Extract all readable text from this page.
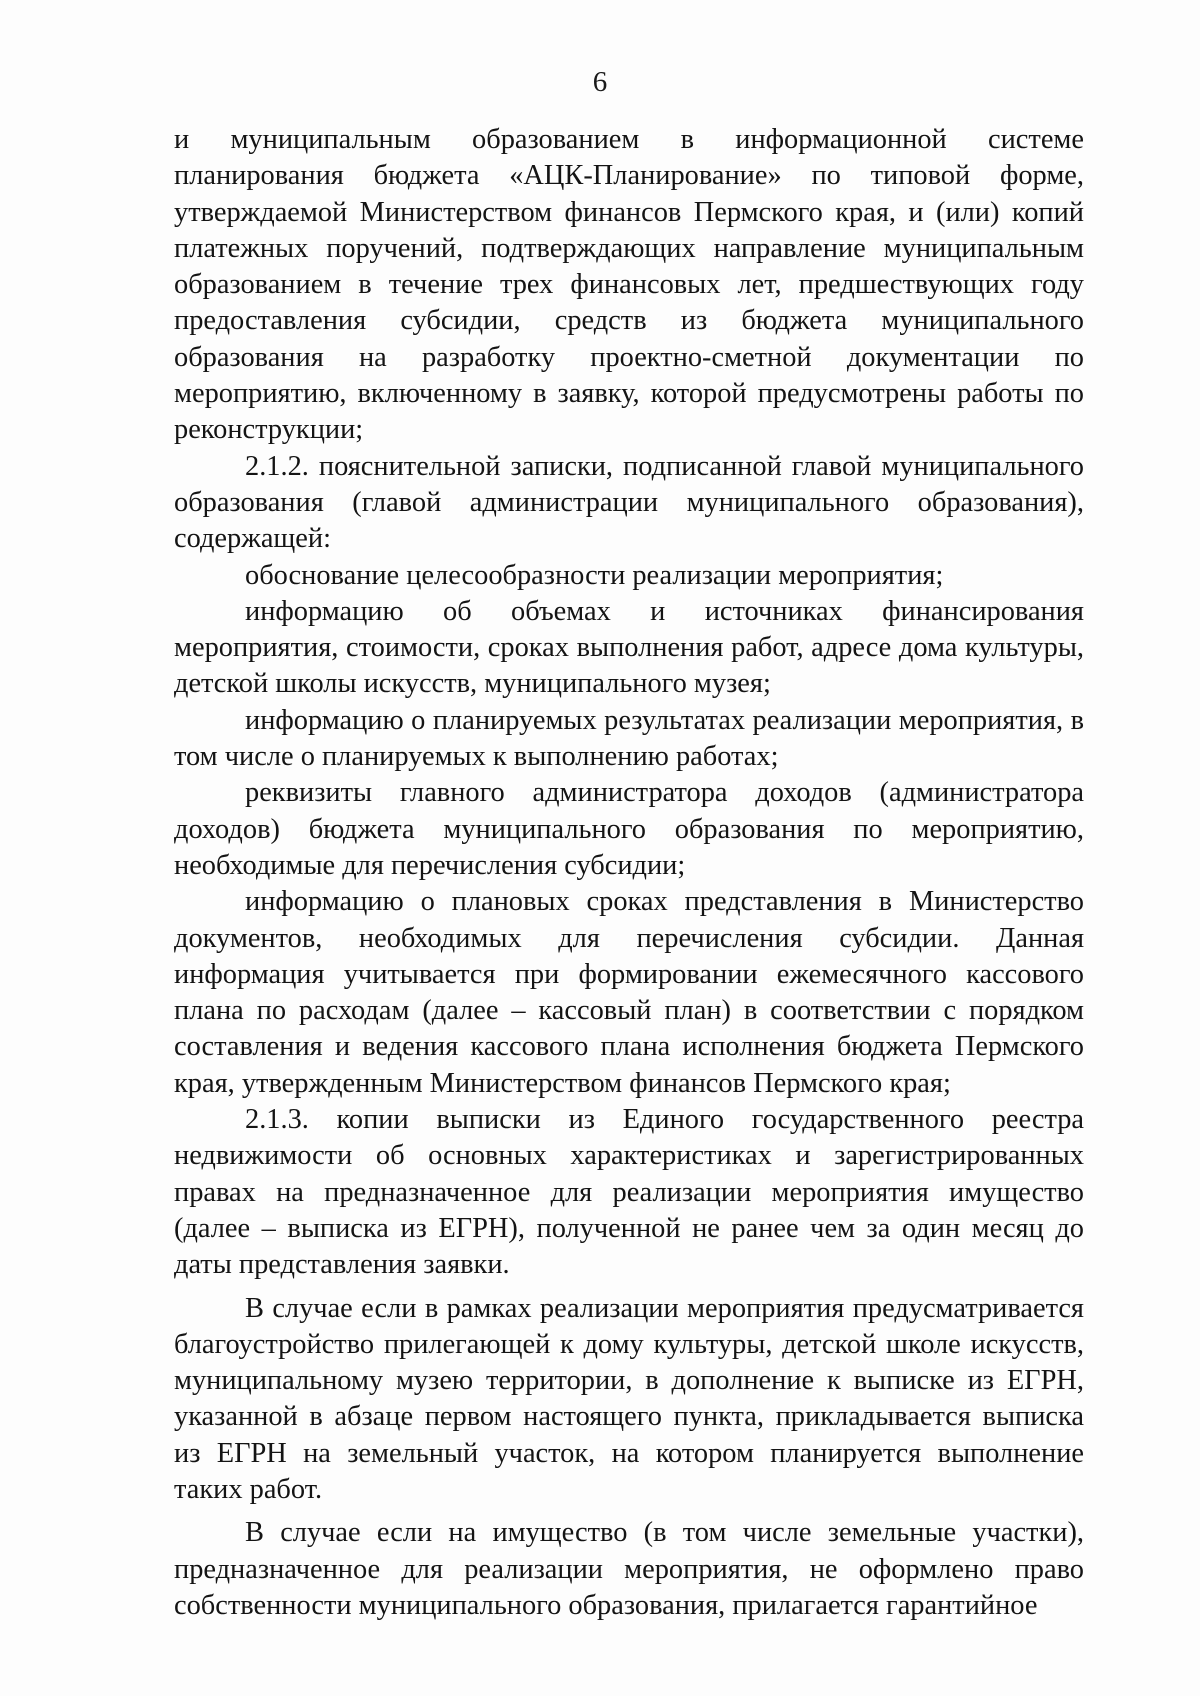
6

и муниципальным образованием в информационной системе планирования бюджета «АЦК-Планирование» по типовой форме, утверждаемой Министерством финансов Пермского края, и (или) копий платежных поручений, подтверждающих направление муниципальным образованием в течение трех финансовых лет, предшествующих году предоставления субсидии, средств из бюджета муниципального образования на разработку проектно-сметной документации по мероприятию, включенному в заявку, которой предусмотрены работы по реконструкции;

2.1.2. пояснительной записки, подписанной главой муниципального образования (главой администрации муниципального образования), содержащей:

обоснование целесообразности реализации мероприятия;

информацию об объемах и источниках финансирования мероприятия, стоимости, сроках выполнения работ, адресе дома культуры, детской школы искусств, муниципального музея;

информацию о планируемых результатах реализации мероприятия, в том числе о планируемых к выполнению работах;

реквизиты главного администратора доходов (администратора доходов) бюджета муниципального образования по мероприятию, необходимые для перечисления субсидии;

информацию о плановых сроках представления в Министерство документов, необходимых для перечисления субсидии. Данная информация учитывается при формировании ежемесячного кассового плана по расходам (далее – кассовый план) в соответствии с порядком составления и ведения кассового плана исполнения бюджета Пермского края, утвержденным Министерством финансов Пермского края;

2.1.3. копии выписки из Единого государственного реестра недвижимости об основных характеристиках и зарегистрированных правах на предназначенное для реализации мероприятия имущество (далее – выписка из ЕГРН), полученной не ранее чем за один месяц до даты представления заявки.

В случае если в рамках реализации мероприятия предусматривается благоустройство прилегающей к дому культуры, детской школе искусств, муниципальному музею территории, в дополнение к выписке из ЕГРН, указанной в абзаце первом настоящего пункта, прикладывается выписка из ЕГРН на земельный участок, на котором планируется выполнение таких работ.

В случае если на имущество (в том числе земельные участки), предназначенное для реализации мероприятия, не оформлено право собственности муниципального образования, прилагается гарантийное
